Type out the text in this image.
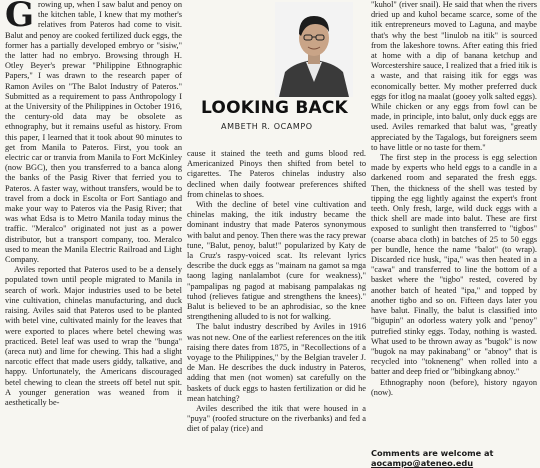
Growing up, when I saw balut and penoy on the kitchen table, I knew that my mother's relatives from Pateros had come to visit. Balut and penoy are cooked fertilized duck eggs, the former has a partially developed embryo or "sisiw," the latter had no embryo. Browsing through H. Otley Beyer's prewar "Philippine Ethnographic Papers," I was drawn to the research paper of Ramon Aviles on "The Balot Industry of Pateros." Submitted as a requirement to pass Anthropology I at the University of the Philippines in October 1916, the century-old data may be obsolete as ethnography, but it remains useful as history. From this paper, I learned that it took about 90 minutes to get from Manila to Pateros. First, you took an electric car or tranvia from Manila to Fort McKinley (now BGC), then you transferred to a banca along the banks of the Pasig River that ferried you to Pateros. A faster way, without transfers, would be to travel from a dock in Escolta or Fort Santiago and make your way to Pateros via the Pasig River; that was what Edsa is to Metro Manila today minus the traffic. "Meralco" originated not just as a power distributor, but a transport company, too. Meralco used to mean the Manila Electric Railroad and Light Company.

Aviles reported that Pateros used to be a densely populated town until people migrated to Manila in search of work. Major industries used to be betel vine cultivation, chinelas manufacturing, and duck raising. Aviles said that Pateros used to be planted with betel vine, cultivated mainly for the leaves that were exported to places where betel chewing was practiced. Betel leaf was used to wrap the "bunga" (areca nut) and lime for chewing. This had a slight narcotic effect that made users giddy, talkative, and happy. Unfortunately, the Americans discouraged betel chewing to clean the streets off betel nut spit. A younger generation was weaned from it aesthetically be-

LOOKING BACK
AMBETH R. OCAMPO

cause it stained the teeth and gums blood red. Americanized Pinoys then shifted from betel to cigarettes. The Pateros chinelas industry also declined when daily footwear preferences shifted from chinelas to shoes.

With the decline of betel vine cultivation and chinelas making, the itik industry became the dominant industry that made Pateros synonymous with balut and penoy. Then there was the racy prewar tune, "Balut, penoy, balut!" popularized by Katy de la Cruz's raspy-voiced scat. Its relevant lyrics describe the duck eggs as "mainam na gamot sa mga taong laging nanlalambot (cure for weakness)," "pampalipas ng pagod at mabisang pampalakas ng tuhod (relieves fatigue and strengthens the knees)." Balut is believed to be an aphrodisiac, so the knee strengthening alluded to is not for walking.

The balut industry described by Aviles in 1916 was not new. One of the earliest references on the itik raising there dates from 1875, in "Recollections of a voyage to the Philippines," by the Belgian traveler J. de Man. He describes the duck industry in Pateros, adding that men (not women) sat carefully on the baskets of duck eggs to hasten fertilization or did he mean hatching?

Aviles described the itik that were housed in a "puya" (roofed structure on the riverbanks) and fed a diet of palay (rice) and

"kuhol" (river snail). He said that when the rivers dried up and kuhol became scarce, some of the itik entrepreneurs moved to Laguna, and maybe that's why the best "linulob na itik" is sourced from the lakeshore towns. After eating this fried at home with a dip of banana ketchup and Worcestershire sauce, I realized that a fried itik is a waste, and that raising itik for eggs was economically better. My mother preferred duck eggs for itlog na maalat (gooey yolk salted eggs). While chicken or any eggs from fowl can be made, in principle, into balut, only duck eggs are used. Aviles remarked that balut was, "greatly appreciated by the Tagalogs, but foreigners seem to have little or no taste for them."

The first step in the process is egg selection made by experts who held eggs to a candle in a darkened room and separated the fresh eggs. Then, the thickness of the shell was tested by tipping the egg lightly against the expert's front teeth. Only fresh, large, wild duck eggs with a thick shell are made into balut. These are first exposed to sunlight then transferred to "tigbos" (coarse abaca cloth) in batches of 25 to 50 eggs per bundle, hence the name "balot" (to wrap). Discarded rice husk, "ipa," was then heated in a "cawa" and transferred to line the bottom of a basket where the "tigbo" rested, covered by another batch of heated "ipa," and topped by another tigbo and so on. Fifteen days later you have balut. Finally, the balut is classified into "bigupin" an odorless watery yolk and "penoy" putrefied stinky eggs. Today, nothing is wasted. What used to be thrown away as "bugok" is now "bugok na may pakinabang" or "abnoy" that is recycled into "tokneneng" when rolled into a batter and deep fried or "bibingkang abnoy."

Ethnography noon (before), history ngayon (now).

Comments are welcome at aocampo@ateneo.edu
